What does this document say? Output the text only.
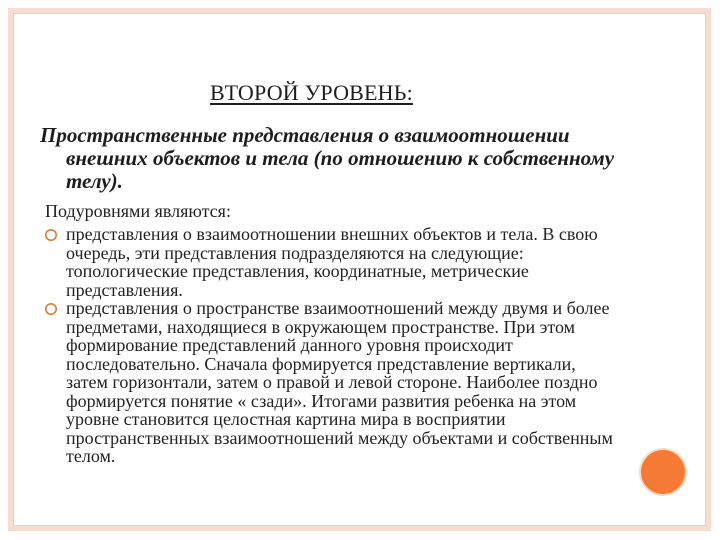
ВТОРОЙ УРОВЕНЬ:
Пространственные представления о взаимоотношении внешних объектов и тела (по отношению к собственному телу).
Подуровнями являются:
представления о взаимоотношении внешних объектов и тела. В свою очередь, эти представления подразделяются на следующие: топологические представления, координатные, метрические представления.
представления о пространстве взаимоотношений между двумя и более предметами, находящиеся в окружающем пространстве. При этом формирование представлений данного уровня происходит последовательно. Сначала формируется представление вертикали, затем горизонтали, затем о правой и левой стороне. Наиболее поздно формируется понятие « сзади». Итогами развития ребенка на этом уровне становится целостная картина мира в восприятии пространственных взаимоотношений между объектами и собственным телом.
